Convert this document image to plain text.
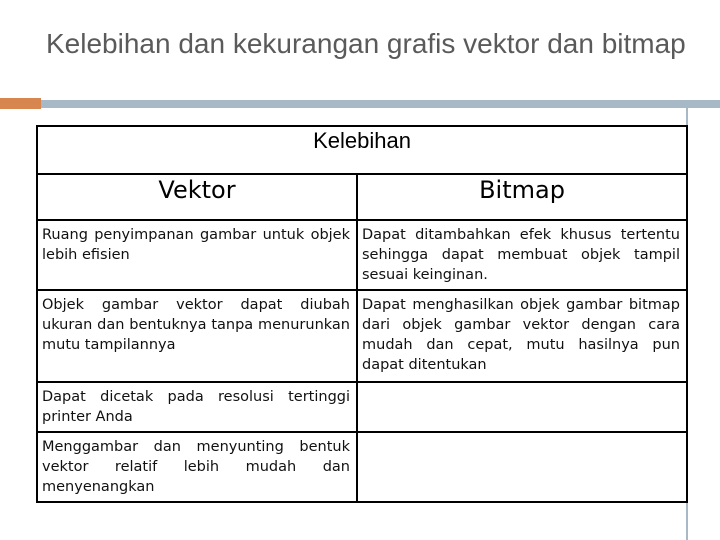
Kelebihan dan kekurangan grafis vektor dan bitmap
Kelebihan	
Vektor	Bitmap
Ruang penyimpanan gambar untuk objek lebih efisien	Dapat ditambahkan efek khusus tertentu sehingga dapat membuat objek tampil sesuai keinginan.
Objek gambar vektor dapat diubah ukuran dan bentuknya tanpa menurunkan mutu tampilannya	Dapat menghasilkan objek gambar bitmap dari objek gambar vektor dengan cara mudah dan cepat, mutu hasilnya pun dapat ditentukan
Dapat dicetak pada resolusi tertinggi printer Anda	
Menggambar dan menyunting bentuk vektor relatif lebih mudah dan menyenangkan	
